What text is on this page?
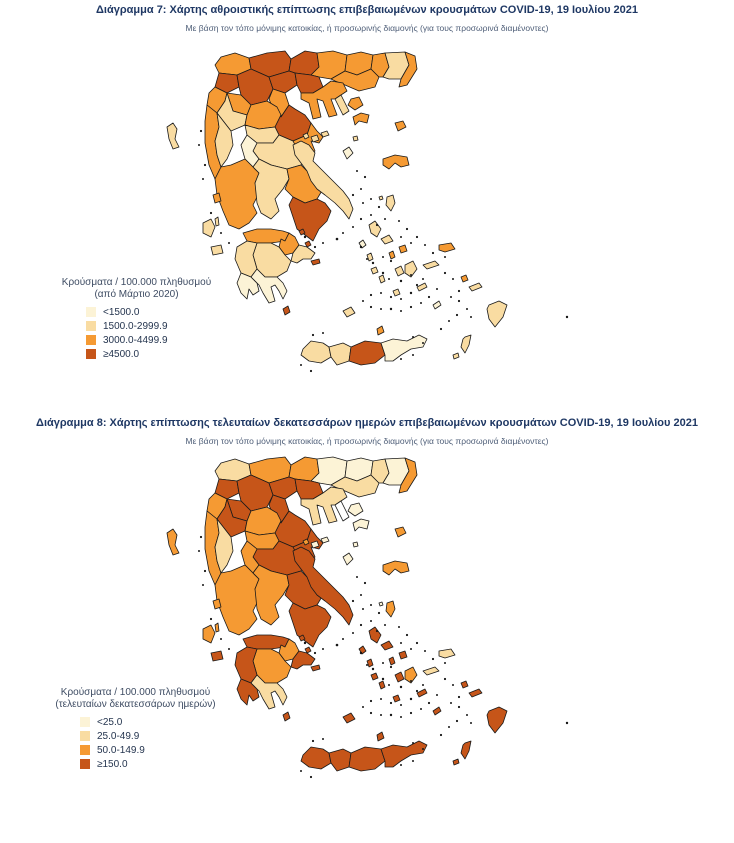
Διάγραμμα 7: Χάρτης αθροιστικής επίπτωσης επιβεβαιωμένων κρουσμάτων COVID-19, 19 Ιουλίου 2021
Με βάση τον τόπο μόνιμης κατοικίας, ή προσωρινής διαμονής (για τους προσωρινά διαμένοντες)
Κρούσματα / 100.000 πληθυσμού
(από Μάρτιο 2020)
<1500.0
1500.0-2999.9
3000.0-4499.9
≥4500.0
Διάγραμμα 8: Χάρτης επίπτωσης τελευταίων δεκατεσσάρων ημερών επιβεβαιωμένων κρουσμάτων COVID-19, 19 Ιουλίου 2021
Με βάση τον τόπο μόνιμης κατοικίας, ή προσωρινής διαμονής (για τους προσωρινά διαμένοντες)
Κρούσματα / 100.000 πληθυσμού
(τελευταίων δεκατεσσάρων ημερών)
<25.0
25.0-49.9
50.0-149.9
≥150.0
